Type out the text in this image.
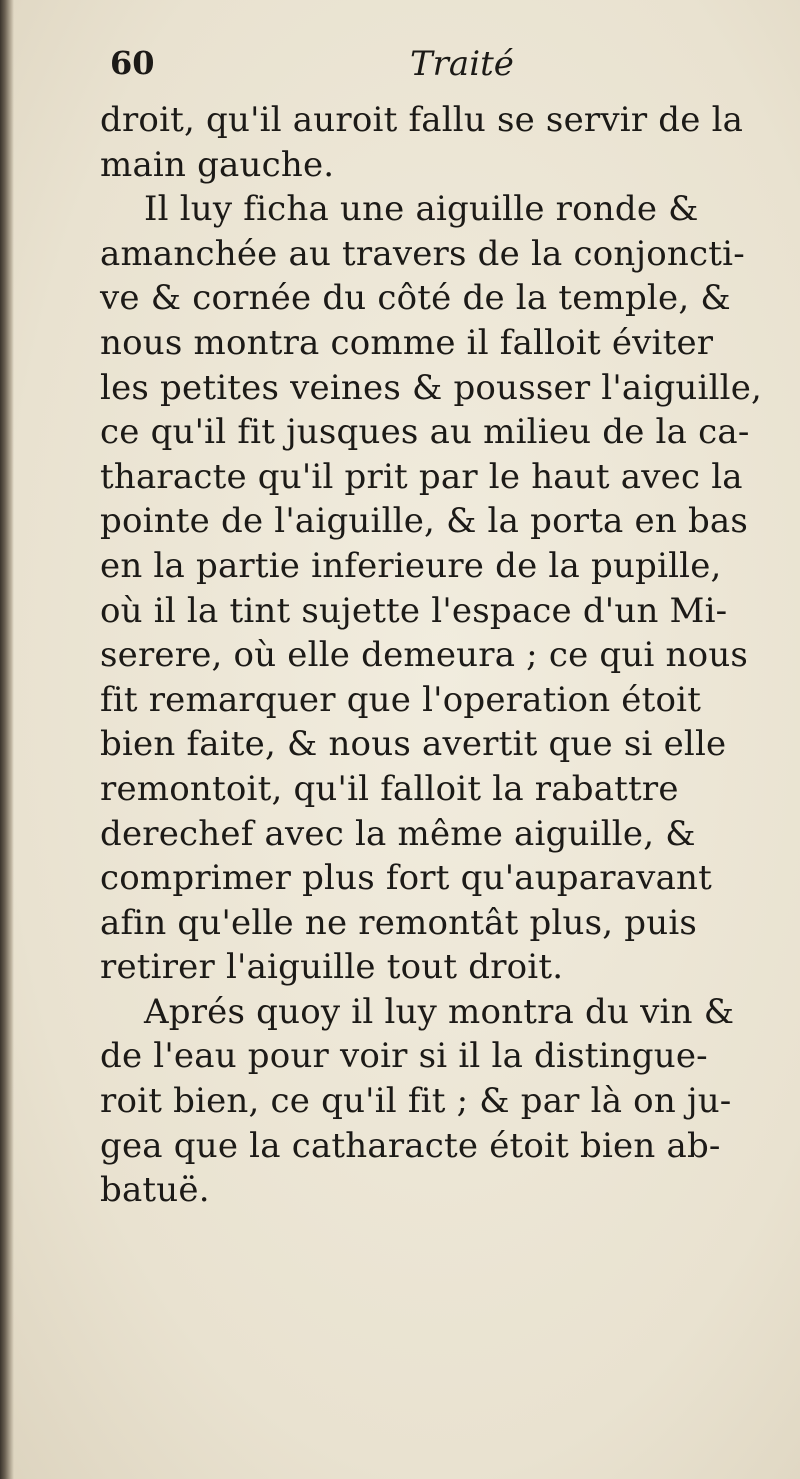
60	Traité
droit, qu'il auroit fallu se servir de la
main gauche.
Il luy ficha une aiguille ronde &
amanchée au travers de la conjoncti-
ve & cornée du côté de la temple, &
nous montra comme il falloit éviter
les petites veines & pousser l'aiguille,
ce qu'il fit jusques au milieu de la ca-
tharacte qu'il prit par le haut avec la
pointe de l'aiguille, & la porta en bas
en la partie inferieure de la pupille,
où il la tint sujette l'espace d'un Mi-
serere, où elle demeura ; ce qui nous
fit remarquer que l'operation étoit
bien faite, & nous avertit que si elle
remontoit, qu'il falloit la rabattre
derechef avec la même aiguille, &
comprimer plus fort qu'auparavant
afin qu'elle ne remontât plus, puis
retirer l'aiguille tout droit.
Aprés quoy il luy montra du vin &
de l'eau pour voir si il la distingue-
roit bien, ce qu'il fit ; & par là on ju-
gea que la catharacte étoit bien ab-
batuë.
